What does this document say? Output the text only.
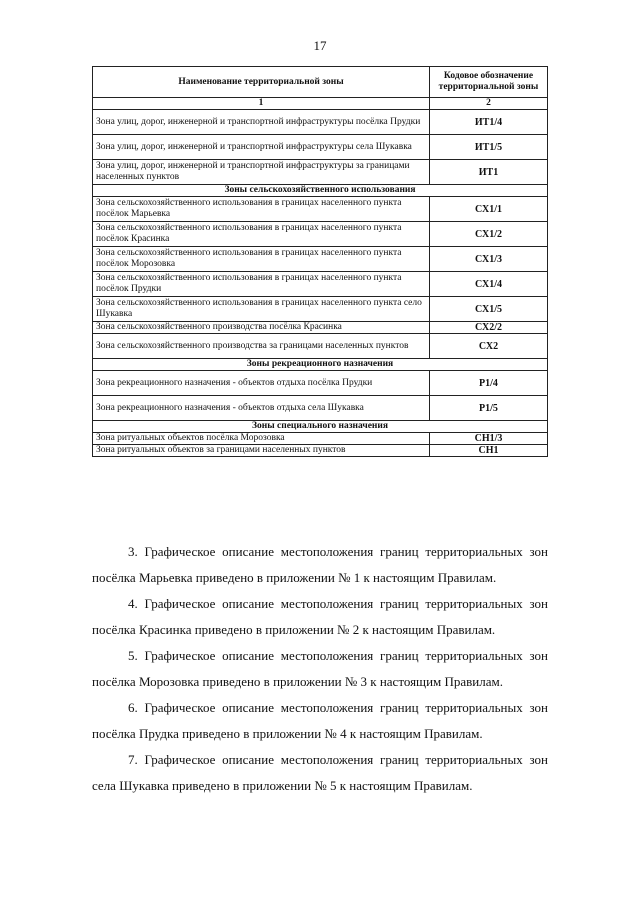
17
Наименование территориальной зоны	Кодовое обозначение территориальной зоны
1	2
Зона улиц, дорог, инженерной и транспортной инфраструктуры посёлка Прудки	ИТ1/4
Зона улиц, дорог, инженерной и транспортной инфраструктуры села Шукавка	ИТ1/5
Зона улиц, дорог, инженерной и транспортной инфраструктуры за границами населенных пунктов	ИТ1
Зоны сельскохозяйственного использования	
Зона сельскохозяйственного использования в границах населенного пункта посёлок Марьевка	СХ1/1
Зона сельскохозяйственного использования в границах населенного пункта посёлок Красинка	СХ1/2
Зона сельскохозяйственного использования в границах населенного пункта посёлок Морозовка	СХ1/3
Зона сельскохозяйственного использования в границах населенного пункта посёлок Прудки	СХ1/4
Зона сельскохозяйственного использования в границах населенного пункта село Шукавка	СХ1/5
Зона сельскохозяйственного производства посёлка Красинка	СХ2/2
Зона сельскохозяйственного производства за границами населенных пунктов	СХ2
Зоны рекреационного назначения	
Зона рекреационного назначения - объектов отдыха посёлка Прудки	Р1/4
Зона рекреационного назначения - объектов отдыха села Шукавка	Р1/5
Зоны специального назначения	
Зона ритуальных объектов посёлка Морозовка	СН1/3
Зона ритуальных объектов за границами населенных пунктов	СН1

3. Графическое описание местоположения границ территориальных зон посёлка Марьевка приведено в приложении № 1 к настоящим Правилам.

4. Графическое описание местоположения границ территориальных зон посёлка Красинка приведено в приложении № 2 к настоящим Правилам.

5. Графическое описание местоположения границ территориальных зон посёлка Морозовка приведено в приложении № 3 к настоящим Правилам.

6. Графическое описание местоположения границ территориальных зон посёлка Прудка приведено в приложении № 4 к настоящим Правилам.

7. Графическое описание местоположения границ территориальных зон села Шукавка приведено в приложении № 5 к настоящим Правилам.
